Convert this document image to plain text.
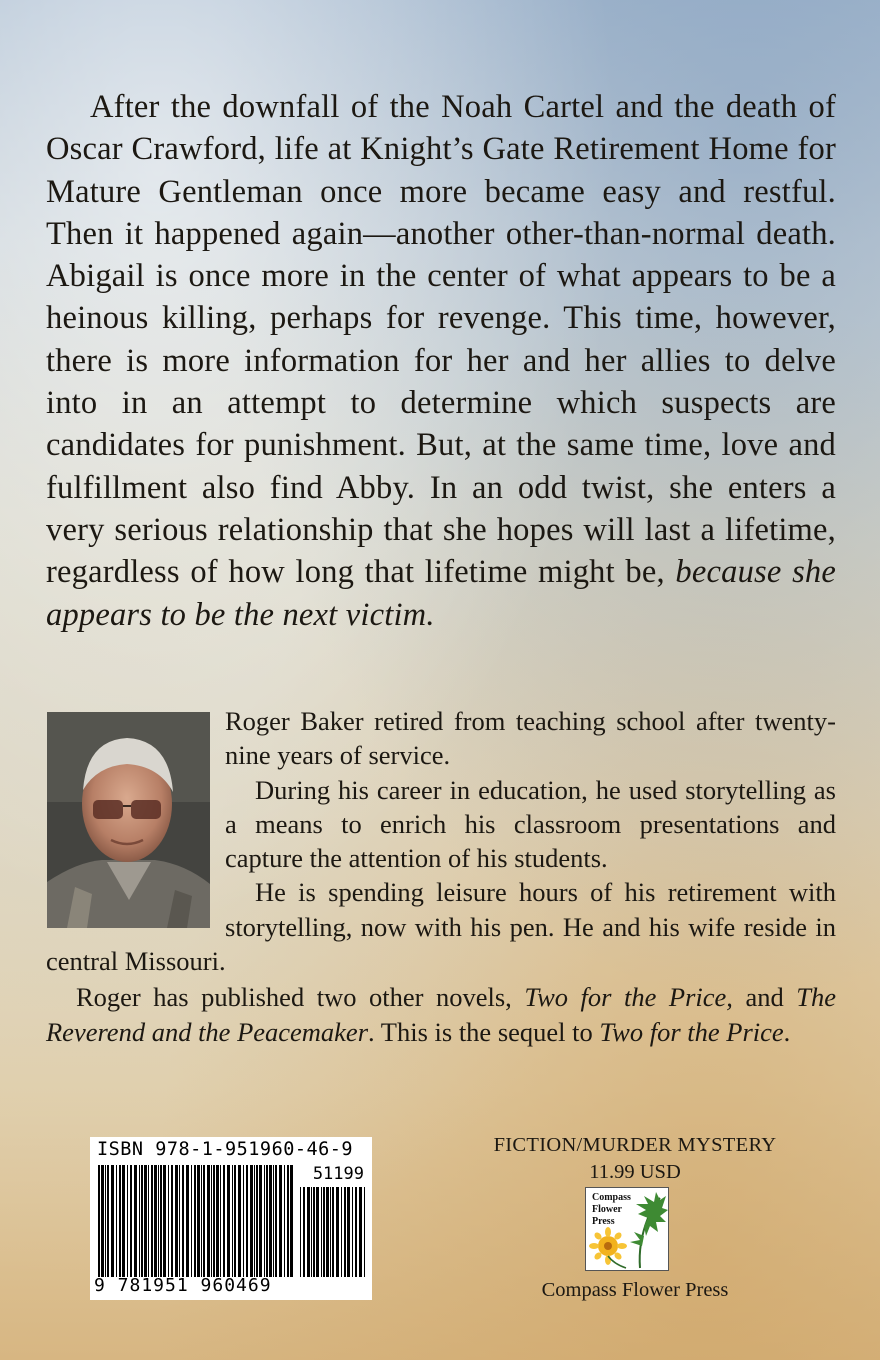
After the downfall of the Noah Cartel and the death of Oscar Crawford, life at Knight’s Gate Retirement Home for Mature Gentleman once more became easy and restful. Then it happened again—another other-than-normal death. Abigail is once more in the center of what appears to be a heinous killing, perhaps for revenge. This time, however, there is more information for her and her allies to delve into in an attempt to determine which suspects are candidates for punishment. But, at the same time, love and fulfillment also find Abby. In an odd twist, she enters a very serious relationship that she hopes will last a lifetime, regardless of how long that lifetime might be, because she appears to be the next victim.

Roger Baker retired from teaching school after twenty-nine years of service.

During his career in education, he used storytelling as a means to enrich his classroom presentations and capture the attention of his students.

He is spending leisure hours of his retirement with storytelling, now with his pen. He and his wife reside in central Missouri.

Roger has published two other novels, Two for the Price, and The Reverend and the Peacemaker. This is the sequel to Two for the Price.

ISBN 978-1-951960-46-9
51199
9 781951 960469
FICTION/MURDER MYSTERY
11.99 USD
Compass
Flower
Press
Compass Flower Press
